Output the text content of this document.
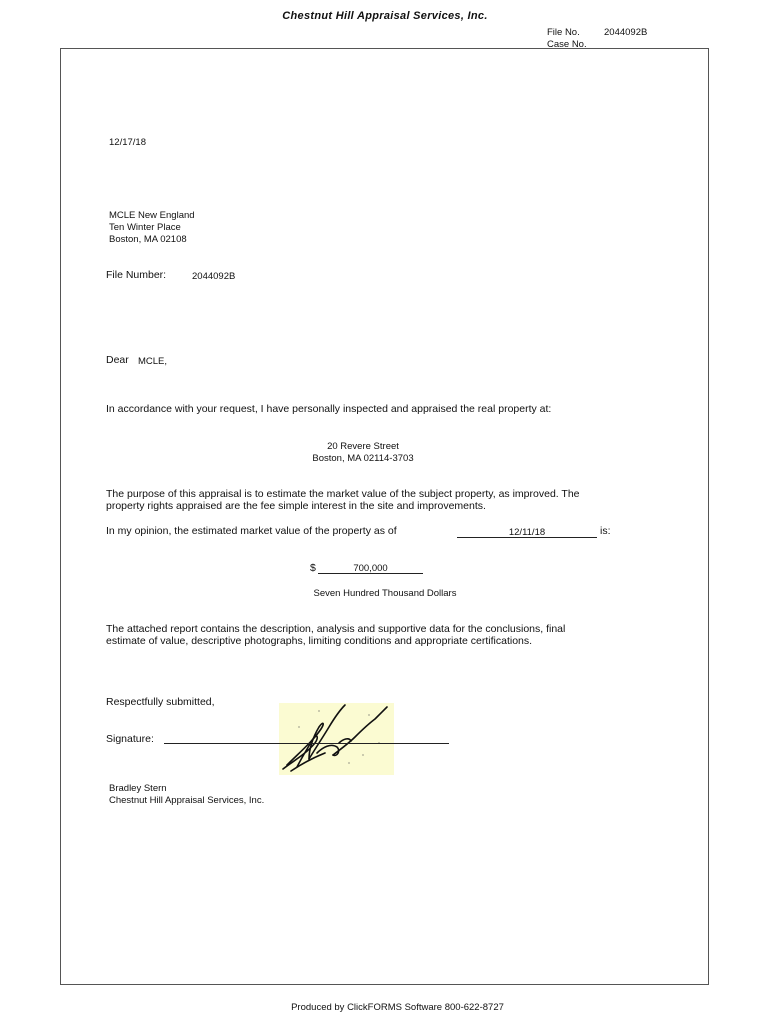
Chestnut Hill Appraisal Services, Inc.
File No.	2044092B
Case No.
12/17/18
MCLE New England
Ten Winter Place
Boston, MA 02108
File Number:	2044092B
Dear MCLE,
In accordance with your request, I have personally inspected and appraised the real property at:
20 Revere Street
Boston, MA 02114-3703
The purpose of this appraisal is to estimate the market value of the subject property, as improved. The
property rights appraised are the fee simple interest in the site and improvements.
In my opinion, the estimated market value of the property as of	12/11/18	is:
$	700,000
Seven Hundred Thousand Dollars
The attached report contains the description, analysis and supportive data for the conclusions, final
estimate of value, descriptive photographs, limiting conditions and appropriate certifications.
Respectfully submitted,
Signature:
Bradley Stern
Chestnut Hill Appraisal Services, Inc.
Produced by ClickFORMS Software 800-622-8727
